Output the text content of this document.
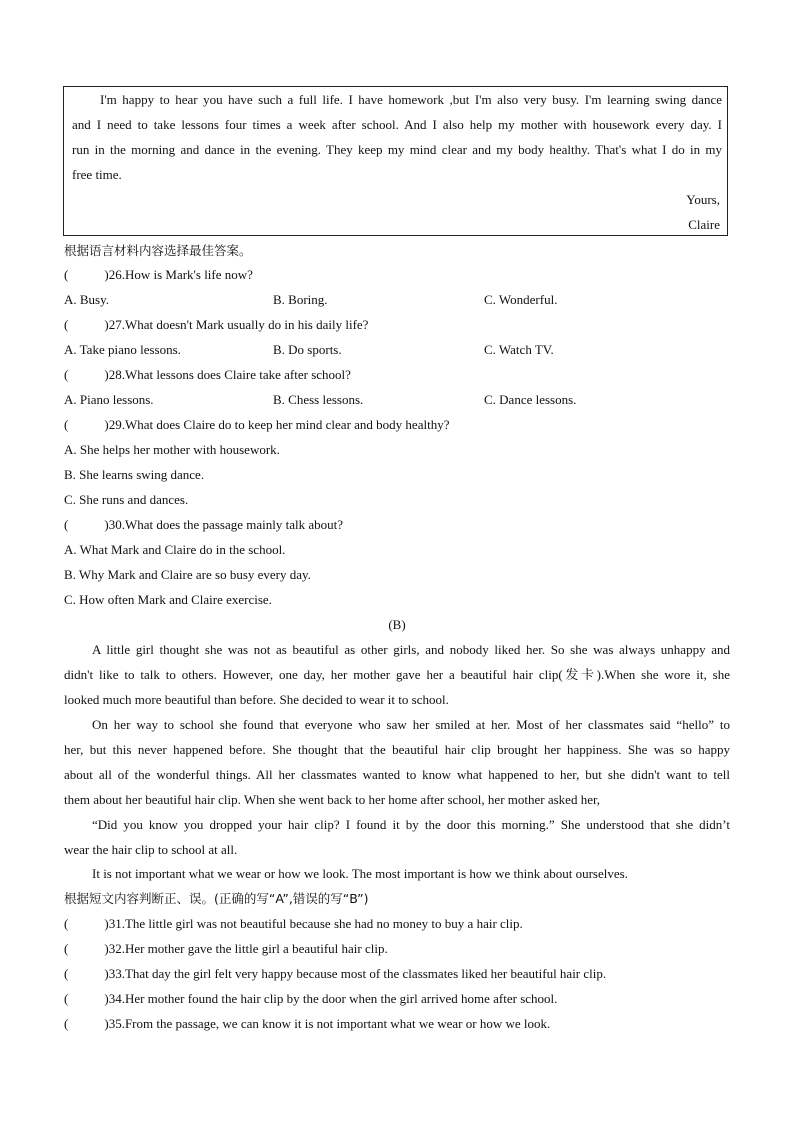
I'm happy to hear you have such a full life. I have homework ,but I'm also very busy. I'm learning swing dance
and I need to take lessons four times a week after school. And I also help my mother with housework every day. I
run in the morning and dance in the evening. They keep my mind clear and my body healthy. That's what I do in my
free time.
Yours,
Claire
根据语言材料内容选择最佳答案。
(	)26.How is Mark's life now?
A. Busy.	B. Boring.	C. Wonderful.
(	)27.What doesn't Mark usually do in his daily life?
A. Take piano lessons.	B. Do sports.	C. Watch TV.
(	)28.What lessons does Claire take after school?
A. Piano lessons.	B. Chess lessons.	C. Dance lessons.
(	)29.What does Claire do to keep her mind clear and body healthy?
A. She helps her mother with housework.
B. She learns swing dance.
C. She runs and dances.
(	)30.What does the passage mainly talk about?
A. What Mark and Claire do in the school.
B. Why Mark and Claire are so busy every day.
C. How often Mark and Claire exercise.
(B)
A little girl thought she was not as beautiful as other girls, and nobody liked her. So she was always unhappy and
didn't like to talk to others. However, one day, her mother gave her a beautiful hair clip(发卡).When she wore it, she
looked much more beautiful than before. She decided to wear it to school.
On her way to school she found that everyone who saw her smiled at her. Most of her classmates said “hello” to
her, but this never happened before. She thought that the beautiful hair clip brought her happiness. She was so happy
about all of the wonderful things. All her classmates wanted to know what happened to her, but she didn't want to tell
them about her beautiful hair clip. When she went back to her home after school, her mother asked her,
“Did you know you dropped your hair clip? I found it by the door this morning.” She understood that she didn’t
wear the hair clip to school at all.
It is not important what we wear or how we look. The most important is how we think about ourselves.
根据短文内容判断正、误。(正确的写“A”,错误的写“B”)
(	)31.The little girl was not beautiful because she had no money to buy a hair clip.
(	)32.Her mother gave the little girl a beautiful hair clip.
(	)33.That day the girl felt very happy because most of the classmates liked her beautiful hair clip.
(	)34.Her mother found the hair clip by the door when the girl arrived home after school.
(	)35.From the passage, we can know it is not important what we wear or how we look.
